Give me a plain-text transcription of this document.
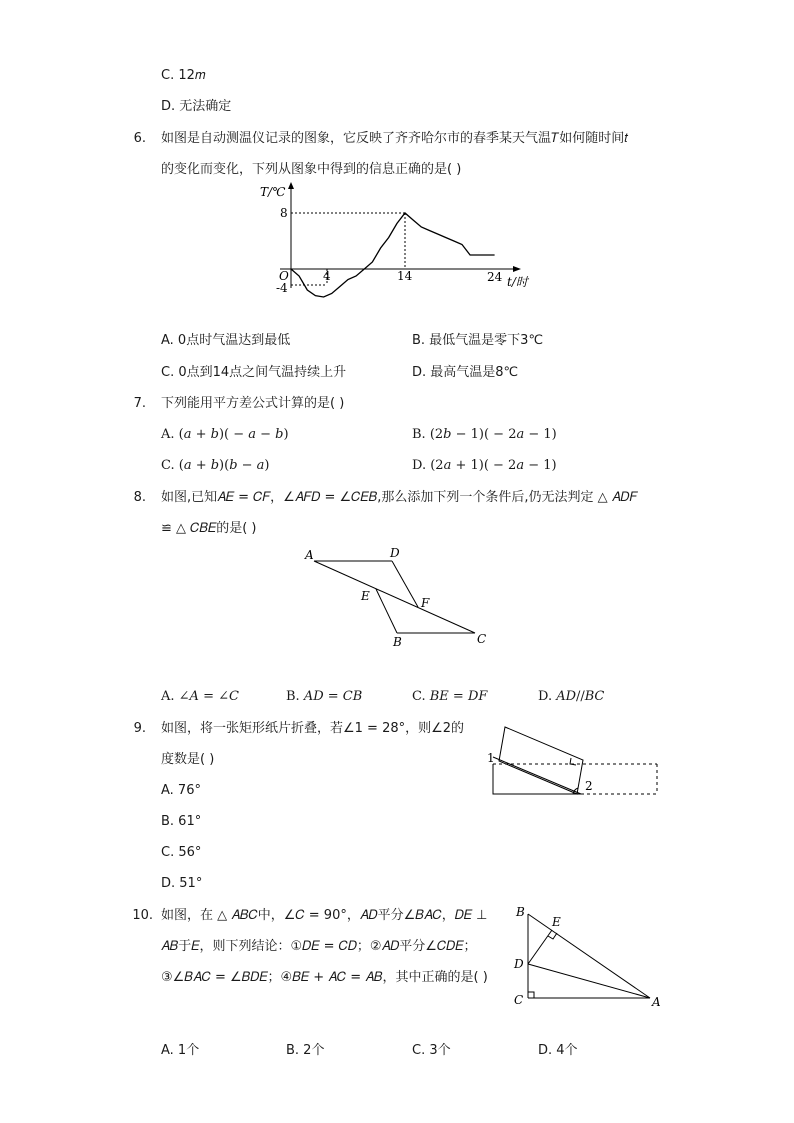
C. 12𝑚
D. 无法确定
6. 如图是自动测温仪记录的图象，它反映了齐齐哈尔市的春季某天气温𝑇如何随时间𝑡
的变化而变化，下列从图象中得到的信息正确的是( )
T/℃
8
-4
O	4	14	24 t/时
A. 0点时气温达到最低	B. 最低气温是零下3℃
C. 0点到14点之间气温持续上升	D. 最高气温是8℃
7. 下列能用平方差公式计算的是( )
A. (𝑎 + 𝑏)( − 𝑎 − 𝑏)	B. (2𝑏 − 1)( − 2𝑎 − 1)
C. (𝑎 + 𝑏)(𝑏 − 𝑎)	D. (2𝑎 + 1)( − 2𝑎 − 1)
8. 如图,已知𝐴𝐸 = 𝐶𝐹，∠𝐴𝐹𝐷 = ∠𝐶𝐸𝐵,那么添加下列一个条件后,仍无法判定 △ 𝐴𝐷𝐹
≌ △ 𝐶𝐵𝐸的是( )
A	D
E	F
B	C
A. ∠𝐴 = ∠𝐶	B. 𝐴𝐷 = 𝐶𝐵	C. 𝐵𝐸 = 𝐷𝐹	D. 𝐴𝐷//𝐵𝐶
9. 如图，将一张矩形纸片折叠，若∠1 = 28°，则∠2的
度数是( )	1
2
A. 76°
B. 61°
C. 56°
D. 51°
10. 如图，在 △ 𝐴𝐵𝐶中，∠𝐶 = 90°，𝐴𝐷平分∠𝐵𝐴𝐶，𝐷𝐸 ⊥
𝐴𝐵于𝐸，则下列结论：①𝐷𝐸 = 𝐶𝐷；②𝐴𝐷平分∠𝐶𝐷𝐸；
③∠𝐵𝐴𝐶 = ∠𝐵𝐷𝐸；④𝐵𝐸 + 𝐴𝐶 = 𝐴𝐵，其中正确的是( )
B
E
D
C	A
A. 1个	B. 2个	C. 3个	D. 4个
